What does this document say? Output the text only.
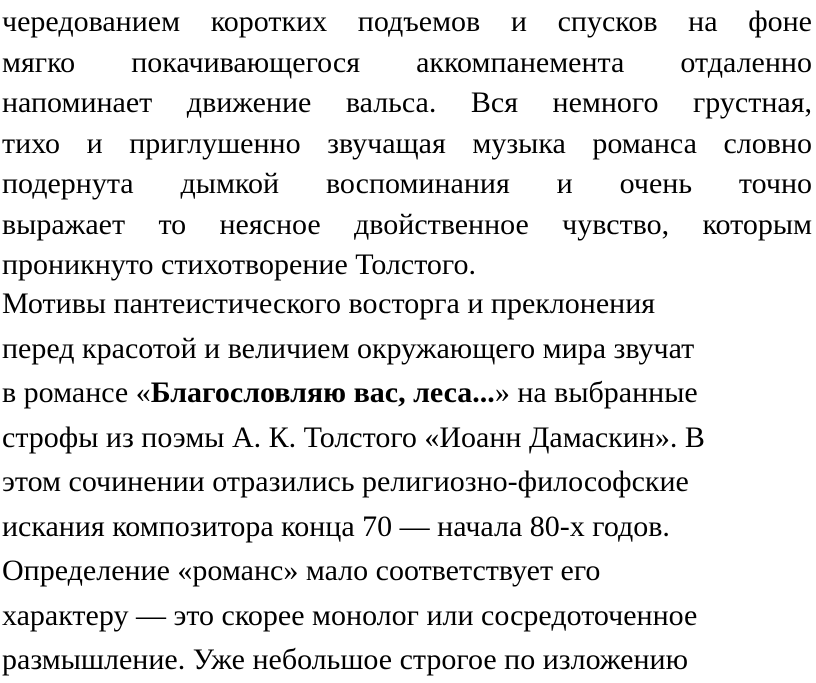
чередованием коротких подъемов и спусков на фоне
мягко покачивающегося аккомпанемента отдаленно
напоминает движение вальса. Вся немного грустная,
тихо и приглушенно звучащая музыка романса словно
подернута дымкой воспоминания и очень точно
выражает то неясное двойственное чувство, которым
проникнуто стихотворение Толстого.
Мотивы пантеистического восторга и преклонения
перед красотой и величием окружающего мира звучат
в романсе «Благословляю вас, леса...» на выбранные
строфы из поэмы А. К. Толстого «Иоанн Дамаскин». В
этом сочинении отразились религиозно-философские
искания композитора конца 70 — начала 80-х годов.
Определение «романс» мало соответствует его
характеру — это скорее монолог или сосредоточенное
размышление. Уже небольшое строгое по изложению
